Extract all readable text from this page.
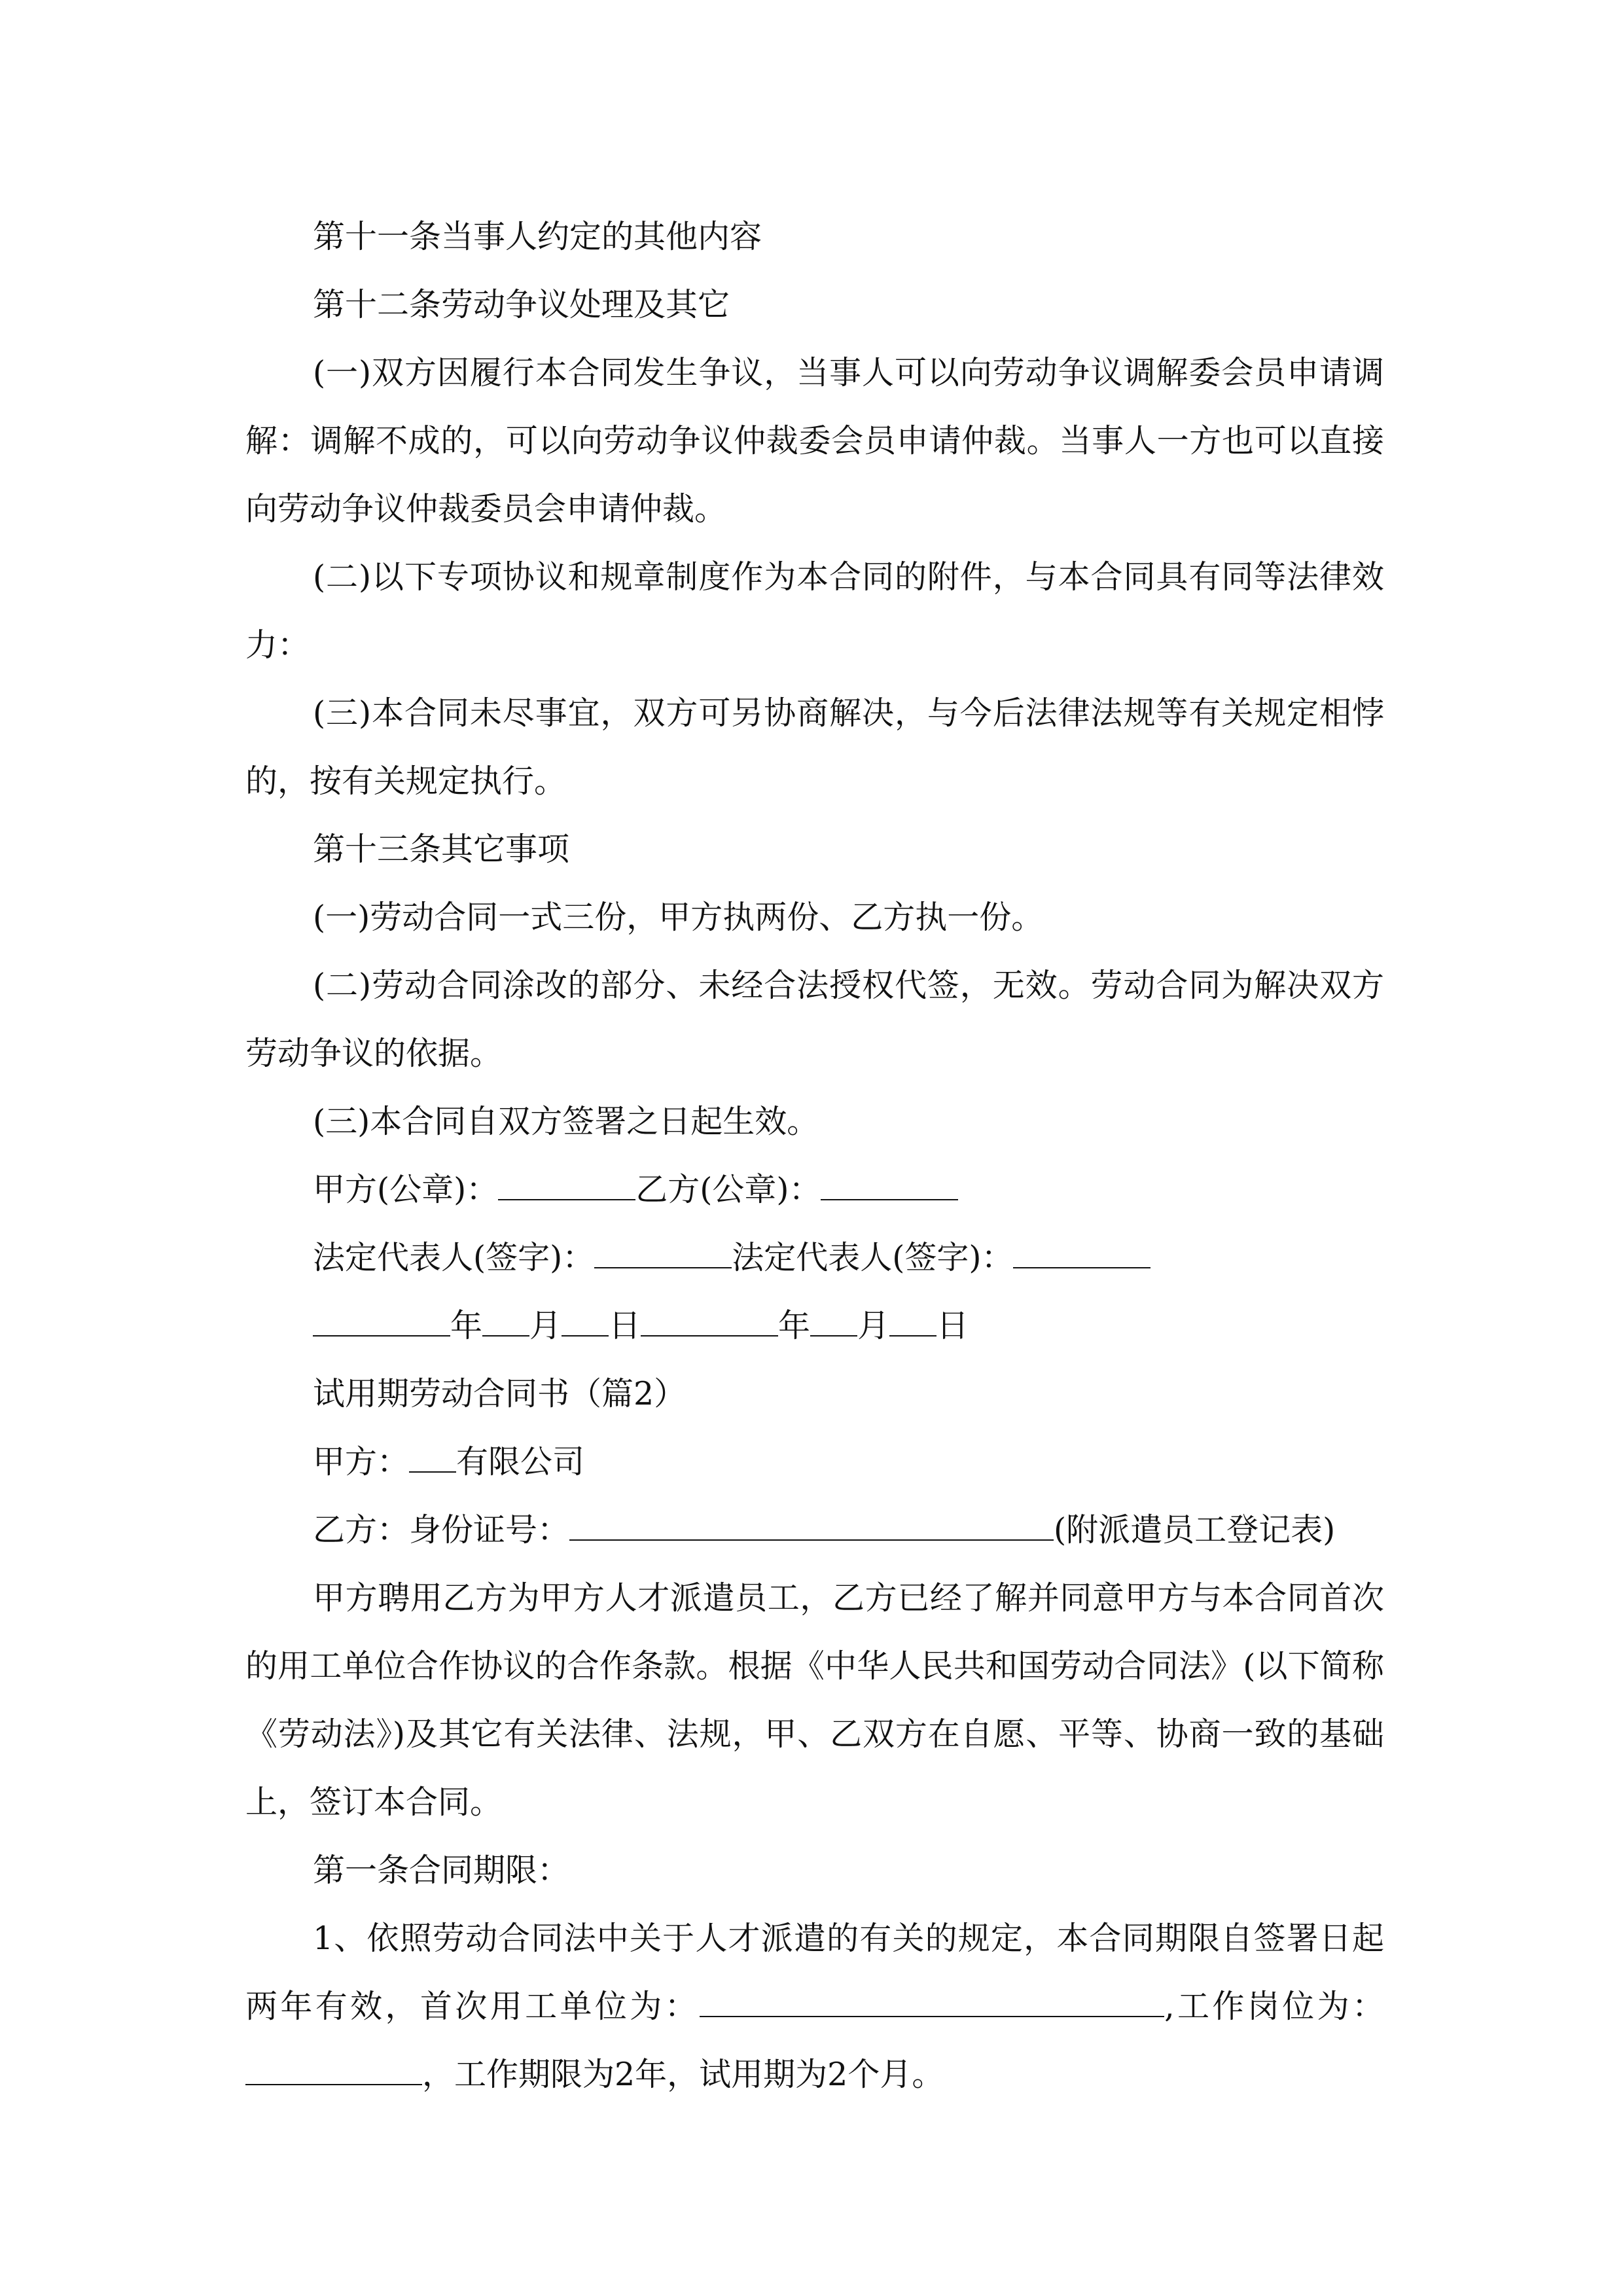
第十一条当事人约定的其他内容

第十二条劳动争议处理及其它

(一)双方因履行本合同发生争议，当事人可以向劳动争议调解委会员申请调解：调解不成的，可以向劳动争议仲裁委会员申请仲裁。当事人一方也可以直接向劳动争议仲裁委员会申请仲裁。

(二)以下专项协议和规章制度作为本合同的附件，与本合同具有同等法律效力：

(三)本合同未尽事宜，双方可另协商解决，与今后法律法规等有关规定相悖的，按有关规定执行。

第十三条其它事项

(一)劳动合同一式三份，甲方执两份、乙方执一份。

(二)劳动合同涂改的部分、未经合法授权代签，无效。劳动合同为解决双方劳动争议的依据。

(三)本合同自双方签署之日起生效。

甲方(公章)：	乙方(公章)：

法定代表人(签字)：	法定代表人(签字)：

年 月 日	年 月 日

试用期劳动合同书（篇2）

甲方： 有限公司

乙方：身份证号：	(附派遣员工登记表)

甲方聘用乙方为甲方人才派遣员工，乙方已经了解并同意甲方与本合同首次的用工单位合作协议的合作条款。根据《中华人民共和国劳动合同法》(以下简称《劳动法》)及其它有关法律、法规，甲、乙双方在自愿、平等、协商一致的基础上，签订本合同。

第一条合同期限：

1、依照劳动合同法中关于人才派遣的有关的规定，本合同期限自签署日起两年有效，首次用工单位为：	,工作岗位为：，工作期限为2年，试用期为2个月。
